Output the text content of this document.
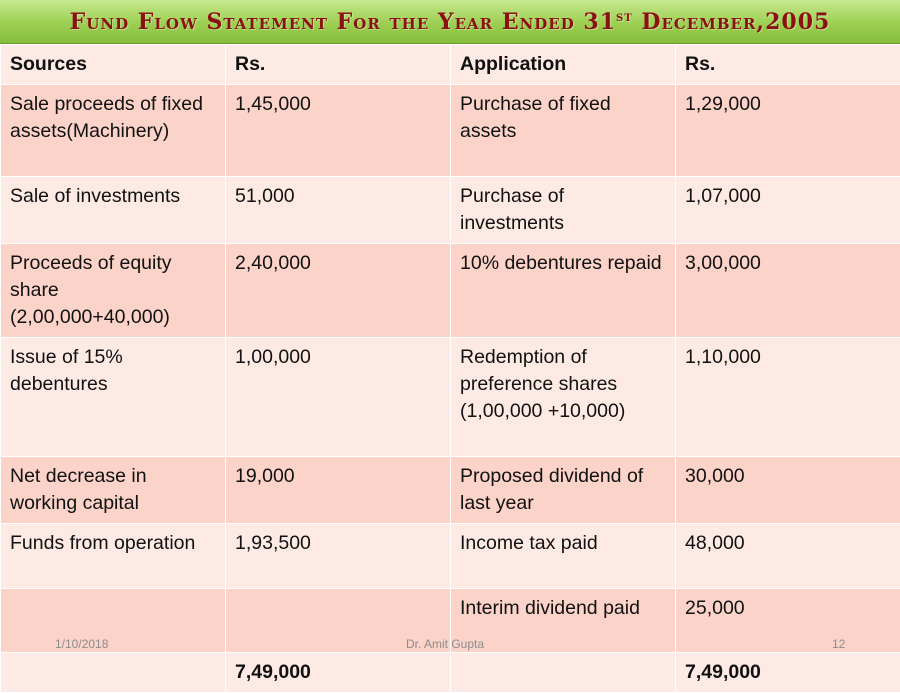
Fund Flow Statement For the Year Ended 31st December,2005
Sources	Rs.	Application	Rs.
Sale proceeds of fixed assets(Machinery)	1,45,000	Purchase of fixed assets	1,29,000
Sale of investments	51,000	Purchase of investments	1,07,000
Proceeds of equity share (2,00,000+40,000)	2,40,000	10% debentures repaid	3,00,000
Issue of 15% debentures	1,00,000	Redemption of preference shares (1,00,000 +10,000)	1,10,000
Net decrease in working capital	19,000	Proposed dividend of last year	30,000
Funds from operation	1,93,500	Income tax paid	48,000
		Interim dividend paid	25,000
	7,49,000		7,49,000
1/10/2018	Dr. Amit Gupta	12
